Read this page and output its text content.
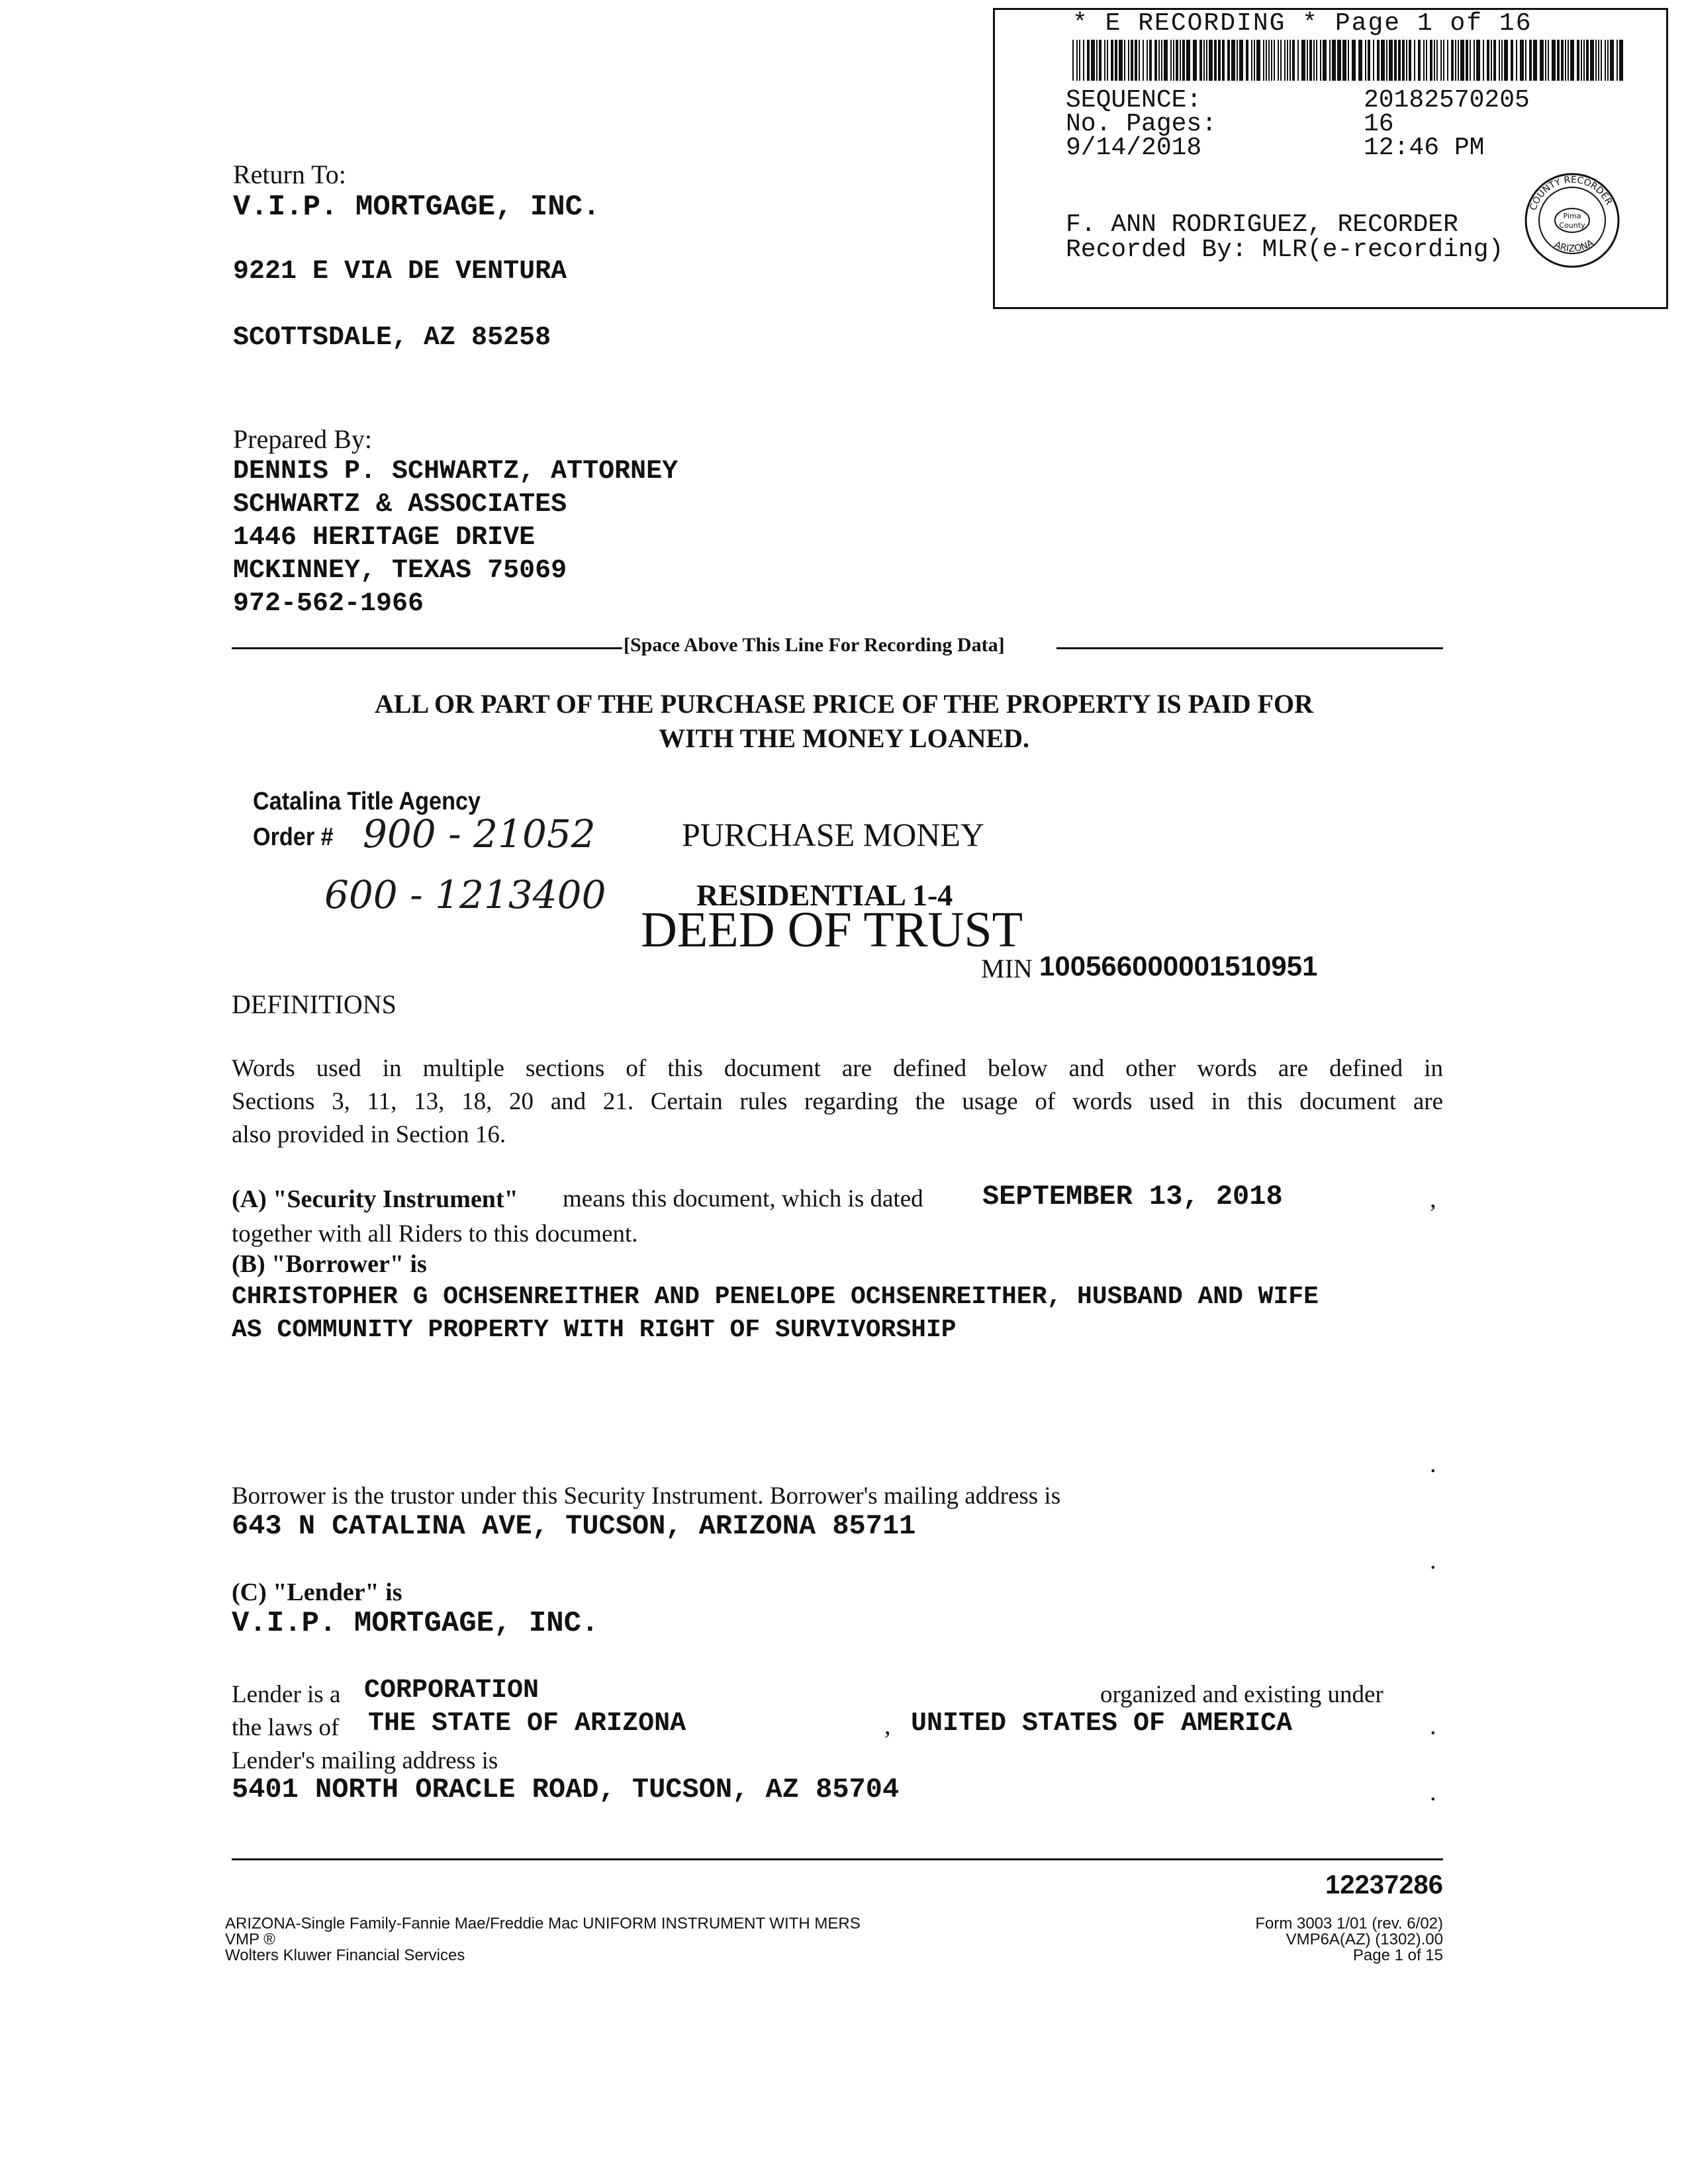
* E RECORDING * Page 1 of 16
SEQUENCE:	20182570205
No. Pages:	16
9/14/2018	12:46 PM
F. ANN RODRIGUEZ, RECORDER
Recorded By: MLR(e-recording)
Pima
County
COUNTY RECORDER
ARIZONA
Return To:
V.I.P. MORTGAGE, INC.
9221 E VIA DE VENTURA
SCOTTSDALE, AZ 85258
Prepared By:
DENNIS P. SCHWARTZ, ATTORNEY
SCHWARTZ & ASSOCIATES
1446 HERITAGE DRIVE
MCKINNEY, TEXAS 75069
972-562-1966
[Space Above This Line For Recording Data]
ALL OR PART OF THE PURCHASE PRICE OF THE PROPERTY IS PAID FOR
WITH THE MONEY LOANED.
Catalina Title Agency
Order # 900 - 21052
600 - 1213400
PURCHASE MONEY
RESIDENTIAL 1-4
DEED OF TRUST
MIN 100566000001510951
DEFINITIONS
Words used in multiple sections of this document are defined below and other words are defined in
Sections 3, 11, 13, 18, 20 and 21. Certain rules regarding the usage of words used in this document are
also provided in Section 16.
(A) "Security Instrument" means this document, which is dated SEPTEMBER 13, 2018	,
together with all Riders to this document.
(B) "Borrower" is
CHRISTOPHER G OCHSENREITHER AND PENELOPE OCHSENREITHER, HUSBAND AND WIFE
AS COMMUNITY PROPERTY WITH RIGHT OF SURVIVORSHIP
.
Borrower is the trustor under this Security Instrument. Borrower's mailing address is
643 N CATALINA AVE, TUCSON, ARIZONA 85711
.
(C) "Lender" is
V.I.P. MORTGAGE, INC.
Lender is a CORPORATION	organized and existing under
the laws of THE STATE OF ARIZONA	, UNITED STATES OF AMERICA	.
Lender's mailing address is
5401 NORTH ORACLE ROAD, TUCSON, AZ 85704	.
12237286
ARIZONA-Single Family-Fannie Mae/Freddie Mac UNIFORM INSTRUMENT WITH MERS
VMP ®
Wolters Kluwer Financial Services
Form 3003 1/01 (rev. 6/02)
VMP6A(AZ) (1302).00
Page 1 of 15
